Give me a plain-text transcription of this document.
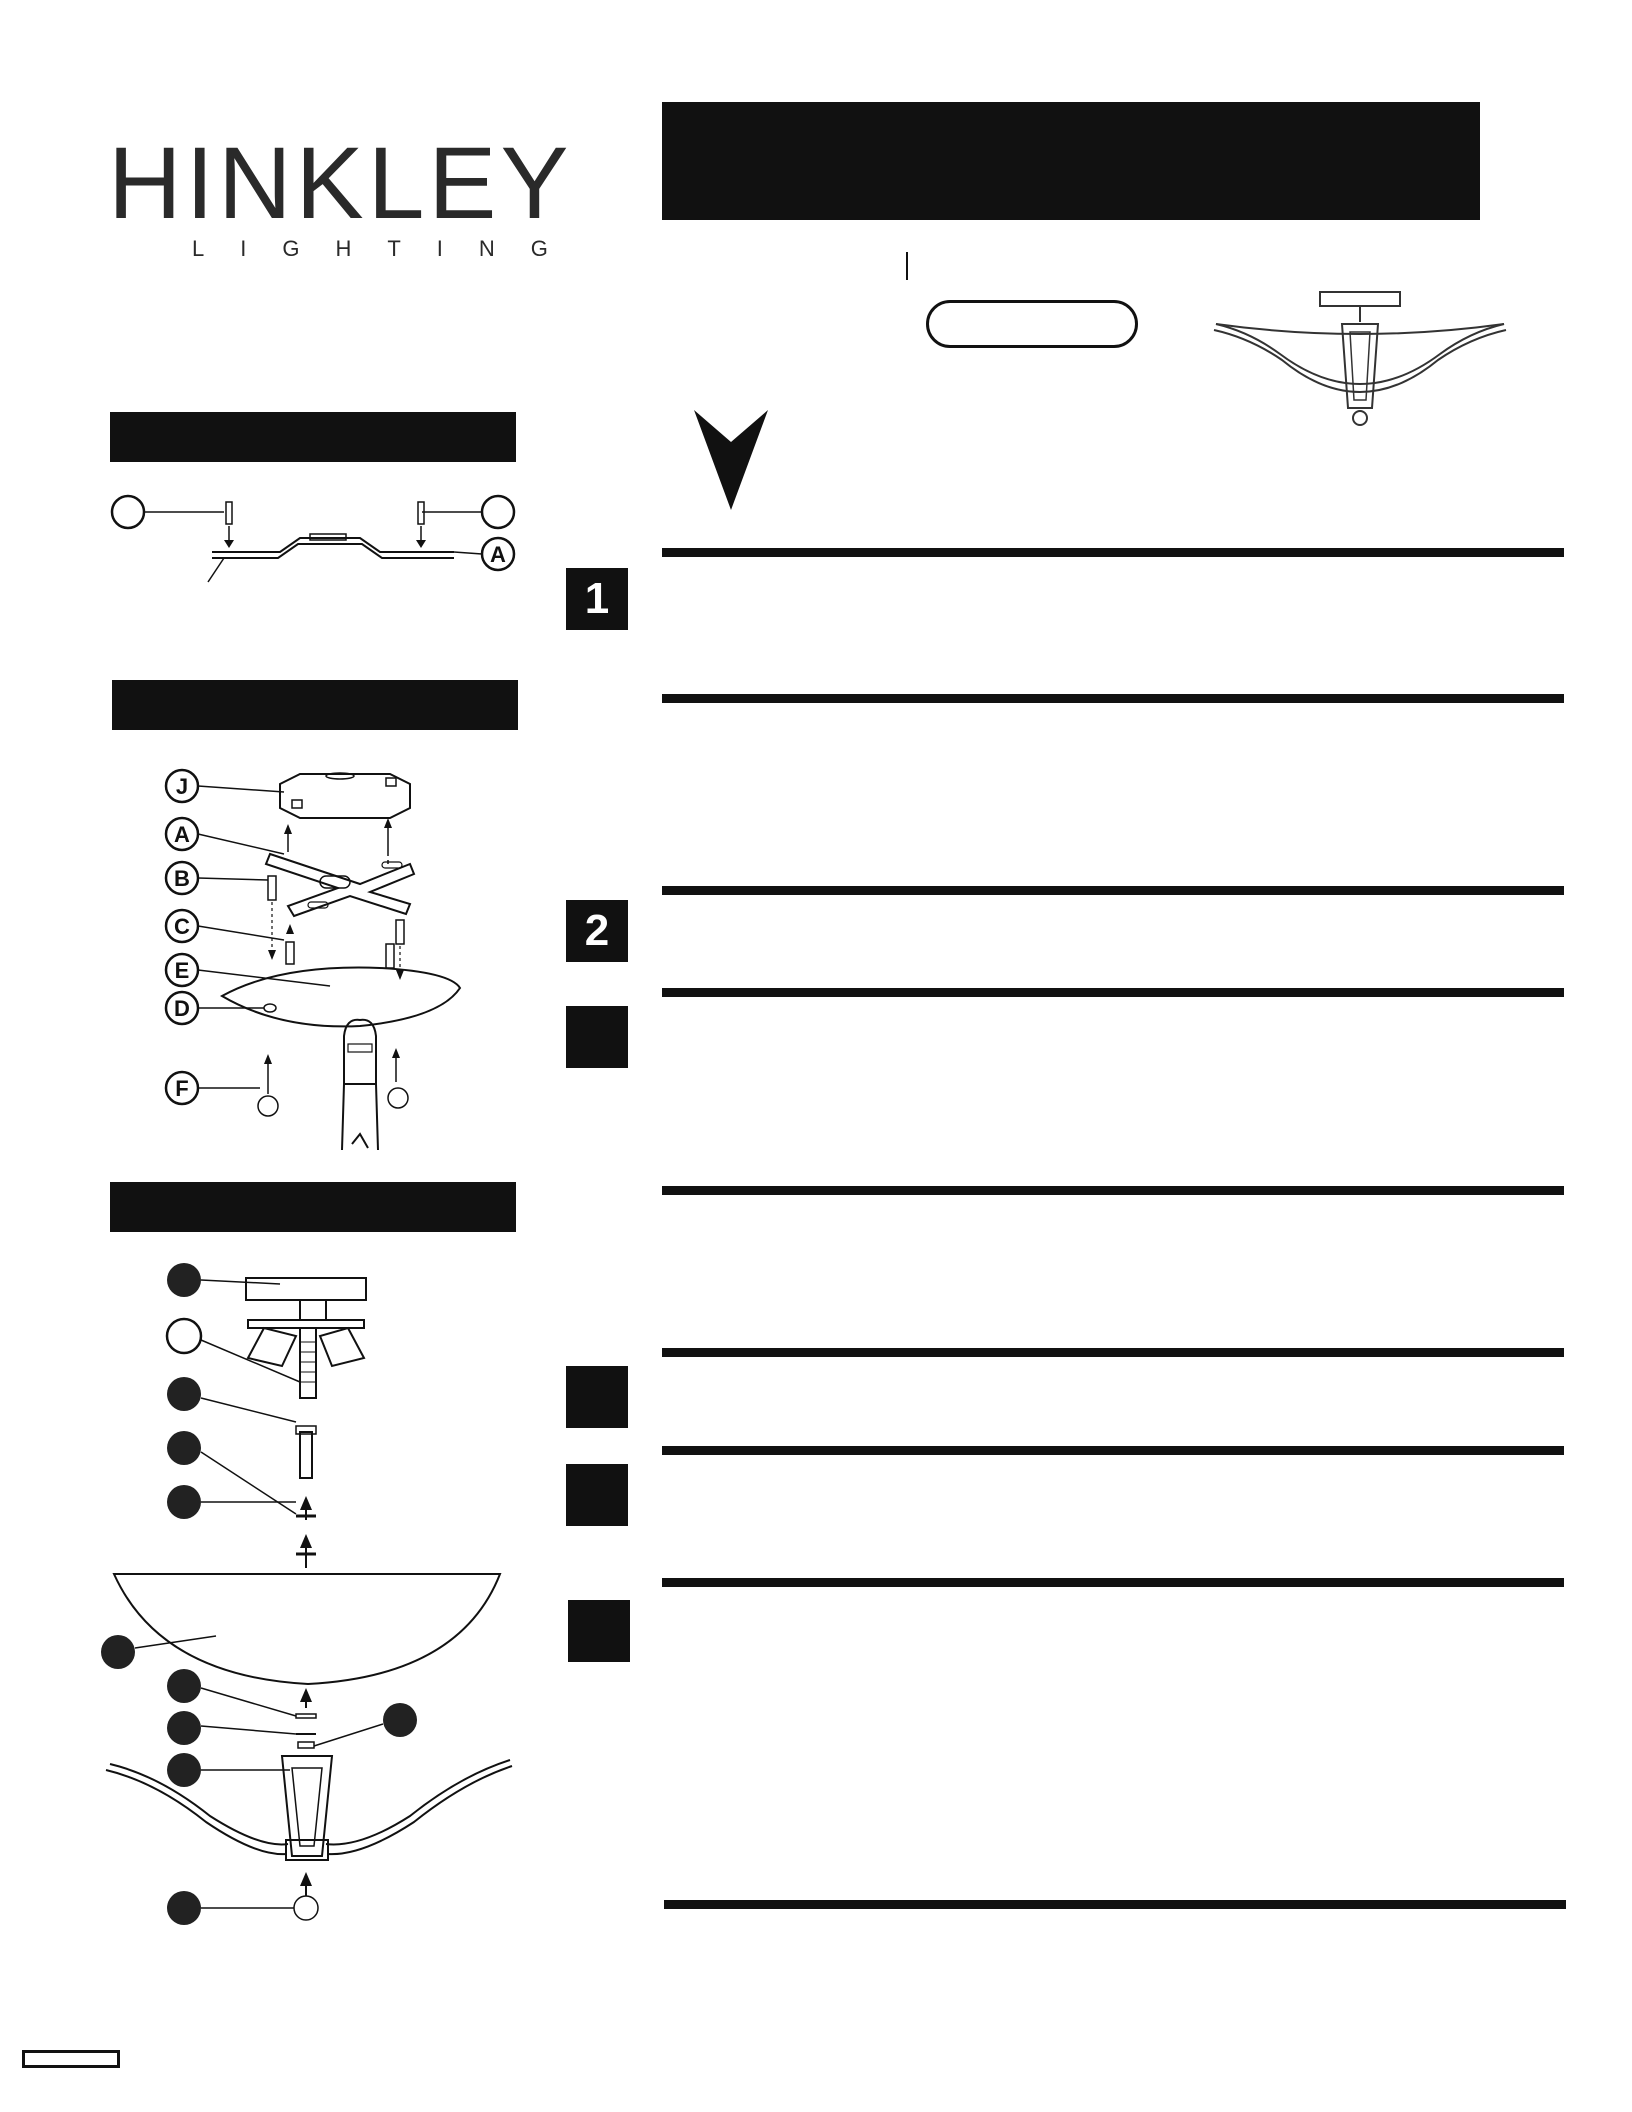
HINKLEY
LIGHTING
A
J
A
B
C
E
D
F
1
2
